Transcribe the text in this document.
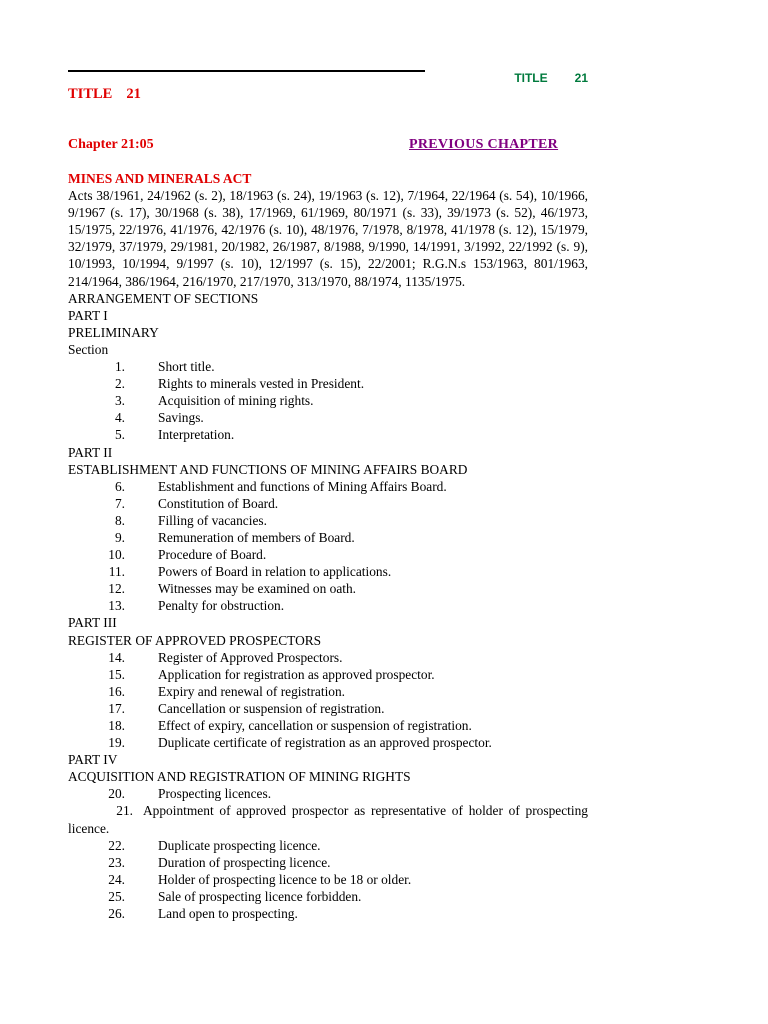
TITLE 21
TITLE 21
Chapter 21:05	PREVIOUS CHAPTER
MINES AND MINERALS ACT
Acts 38/1961, 24/1962 (s. 2), 18/1963 (s. 24), 19/1963 (s. 12), 7/1964, 22/1964 (s. 54), 10/1966, 9/1967 (s. 17), 30/1968 (s. 38), 17/1969, 61/1969, 80/1971 (s. 33), 39/1973 (s. 52), 46/1973, 15/1975, 22/1976, 41/1976, 42/1976 (s. 10), 48/1976, 7/1978, 8/1978, 41/1978 (s. 12), 15/1979, 32/1979, 37/1979, 29/1981, 20/1982, 26/1987, 8/1988, 9/1990, 14/1991, 3/1992, 22/1992 (s. 9), 10/1993, 10/1994, 9/1997 (s. 10), 12/1997 (s. 15), 22/2001; R.G.N.s 153/1963, 801/1963, 214/1964, 386/1964, 216/1970, 217/1970, 313/1970, 88/1974, 1135/1975.
ARRANGEMENT OF SECTIONS
PART I
PRELIMINARY
Section
1. Short title.
2. Rights to minerals vested in President.
3. Acquisition of mining rights.
4. Savings.
5. Interpretation.
PART II
ESTABLISHMENT AND FUNCTIONS OF MINING AFFAIRS BOARD
6. Establishment and functions of Mining Affairs Board.
7. Constitution of Board.
8. Filling of vacancies.
9. Remuneration of members of Board.
10. Procedure of Board.
11. Powers of Board in relation to applications.
12. Witnesses may be examined on oath.
13. Penalty for obstruction.
PART III
REGISTER OF APPROVED PROSPECTORS
14. Register of Approved Prospectors.
15. Application for registration as approved prospector.
16. Expiry and renewal of registration.
17. Cancellation or suspension of registration.
18. Effect of expiry, cancellation or suspension of registration.
19. Duplicate certificate of registration as an approved prospector.
PART IV
ACQUISITION AND REGISTRATION OF MINING RIGHTS
20. Prospecting licences.
21. Appointment of approved prospector as representative of holder of prospecting licence.
22. Duplicate prospecting licence.
23. Duration of prospecting licence.
24. Holder of prospecting licence to be 18 or older.
25. Sale of prospecting licence forbidden.
26. Land open to prospecting.
